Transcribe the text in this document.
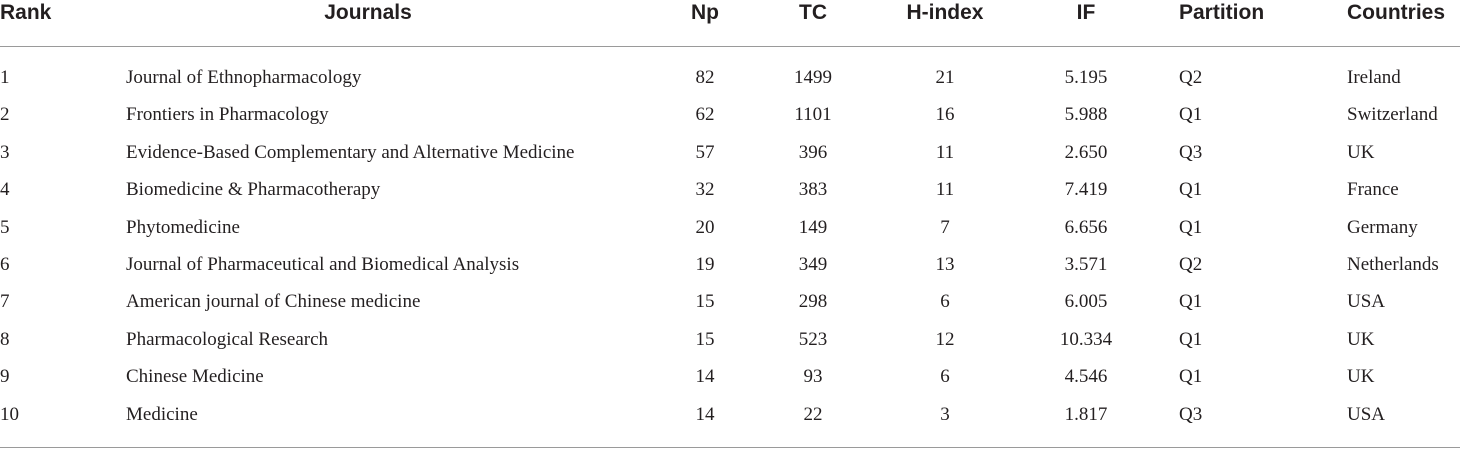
Rank	Journals	Np	TC	H-index	IF	Partition	Countries
1	Journal of Ethnopharmacology	82	1499	21	5.195	Q2	Ireland
2	Frontiers in Pharmacology	62	1101	16	5.988	Q1	Switzerland
3	Evidence-Based Complementary and Alternative Medicine	57	396	11	2.650	Q3	UK
4	Biomedicine & Pharmacotherapy	32	383	11	7.419	Q1	France
5	Phytomedicine	20	149	7	6.656	Q1	Germany
6	Journal of Pharmaceutical and Biomedical Analysis	19	349	13	3.571	Q2	Netherlands
7	American journal of Chinese medicine	15	298	6	6.005	Q1	USA
8	Pharmacological Research	15	523	12	10.334	Q1	UK
9	Chinese Medicine	14	93	6	4.546	Q1	UK
10	Medicine	14	22	3	1.817	Q3	USA
